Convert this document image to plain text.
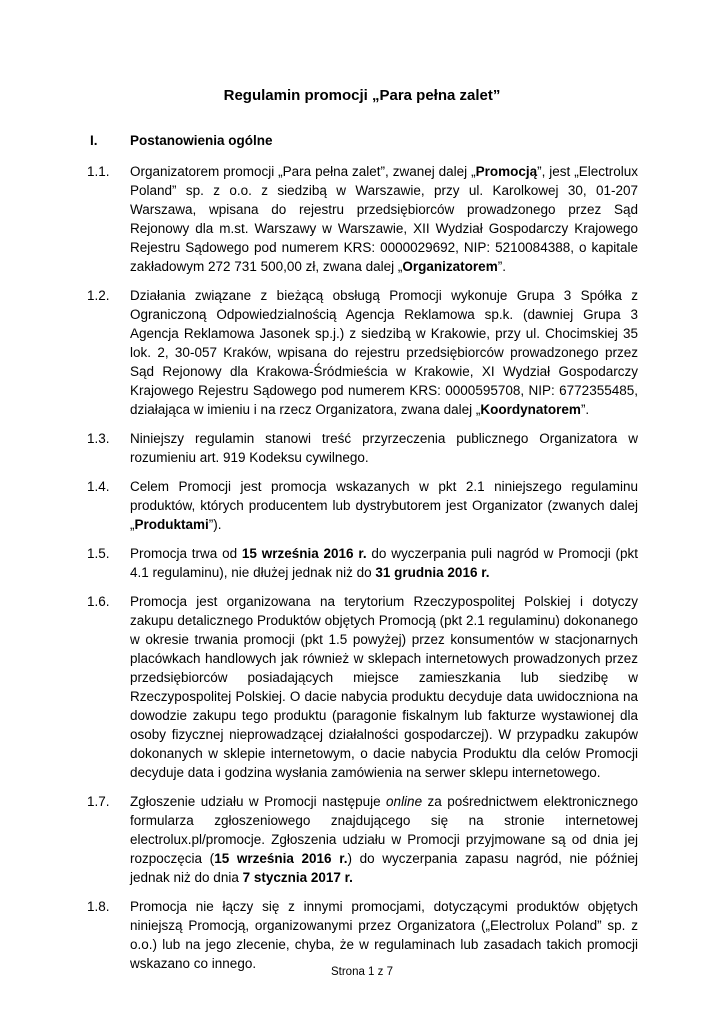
Regulamin promocji „Para pełna zalet”
I. Postanowienia ogólne
1.1. Organizatorem promocji „Para pełna zalet”, zwanej dalej „Promocją”, jest „Electrolux Poland” sp. z o.o. z siedzibą w Warszawie, przy ul. Karolkowej 30, 01-207 Warszawa, wpisana do rejestru przedsiębiorców prowadzonego przez Sąd Rejonowy dla m.st. Warszawy w Warszawie, XII Wydział Gospodarczy Krajowego Rejestru Sądowego pod numerem KRS: 0000029692, NIP: 5210084388, o kapitale zakładowym 272 731 500,00 zł, zwana dalej „Organizatorem”.
1.2. Działania związane z bieżącą obsługą Promocji wykonuje Grupa 3 Spółka z Ograniczoną Odpowiedzialnością Agencja Reklamowa sp.k. (dawniej Grupa 3 Agencja Reklamowa Jasonek sp.j.) z siedzibą w Krakowie, przy ul. Chocimskiej 35 lok. 2, 30-057 Kraków, wpisana do rejestru przedsiębiorców prowadzonego przez Sąd Rejonowy dla Krakowa-Śródmieścia w Krakowie, XI Wydział Gospodarczy Krajowego Rejestru Sądowego pod numerem KRS: 0000595708, NIP: 6772355485, działająca w imieniu i na rzecz Organizatora, zwana dalej „Koordynatorem”.
1.3. Niniejszy regulamin stanowi treść przyrzeczenia publicznego Organizatora w rozumieniu art. 919 Kodeksu cywilnego.
1.4. Celem Promocji jest promocja wskazanych w pkt 2.1 niniejszego regulaminu produktów, których producentem lub dystrybutorem jest Organizator (zwanych dalej „Produktami”).
1.5. Promocja trwa od 15 września 2016 r. do wyczerpania puli nagród w Promocji (pkt 4.1 regulaminu), nie dłużej jednak niż do 31 grudnia 2016 r.
1.6. Promocja jest organizowana na terytorium Rzeczypospolitej Polskiej i dotyczy zakupu detalicznego Produktów objętych Promocją (pkt 2.1 regulaminu) dokonanego w okresie trwania promocji (pkt 1.5 powyżej) przez konsumentów w stacjonarnych placówkach handlowych jak również w sklepach internetowych prowadzonych przez przedsiębiorców posiadających miejsce zamieszkania lub siedzibę w Rzeczypospolitej Polskiej. O dacie nabycia produktu decyduje data uwidoczniona na dowodzie zakupu tego produktu (paragonie fiskalnym lub fakturze wystawionej dla osoby fizycznej nieprowadzącej działalności gospodarczej). W przypadku zakupów dokonanych w sklepie internetowym, o dacie nabycia Produktu dla celów Promocji decyduje data i godzina wysłania zamówienia na serwer sklepu internetowego.
1.7. Zgłoszenie udziału w Promocji następuje online za pośrednictwem elektronicznego formularza zgłoszeniowego znajdującego się na stronie internetowej electrolux.pl/promocje. Zgłoszenia udziału w Promocji przyjmowane są od dnia jej rozpoczęcia (15 września 2016 r.) do wyczerpania zapasu nagród, nie później jednak niż do dnia 7 stycznia 2017 r.
1.8. Promocja nie łączy się z innymi promocjami, dotyczącymi produktów objętych niniejszą Promocją, organizowanymi przez Organizatora („Electrolux Poland” sp. z o.o.) lub na jego zlecenie, chyba, że w regulaminach lub zasadach takich promocji wskazano co innego.
Strona 1 z 7
